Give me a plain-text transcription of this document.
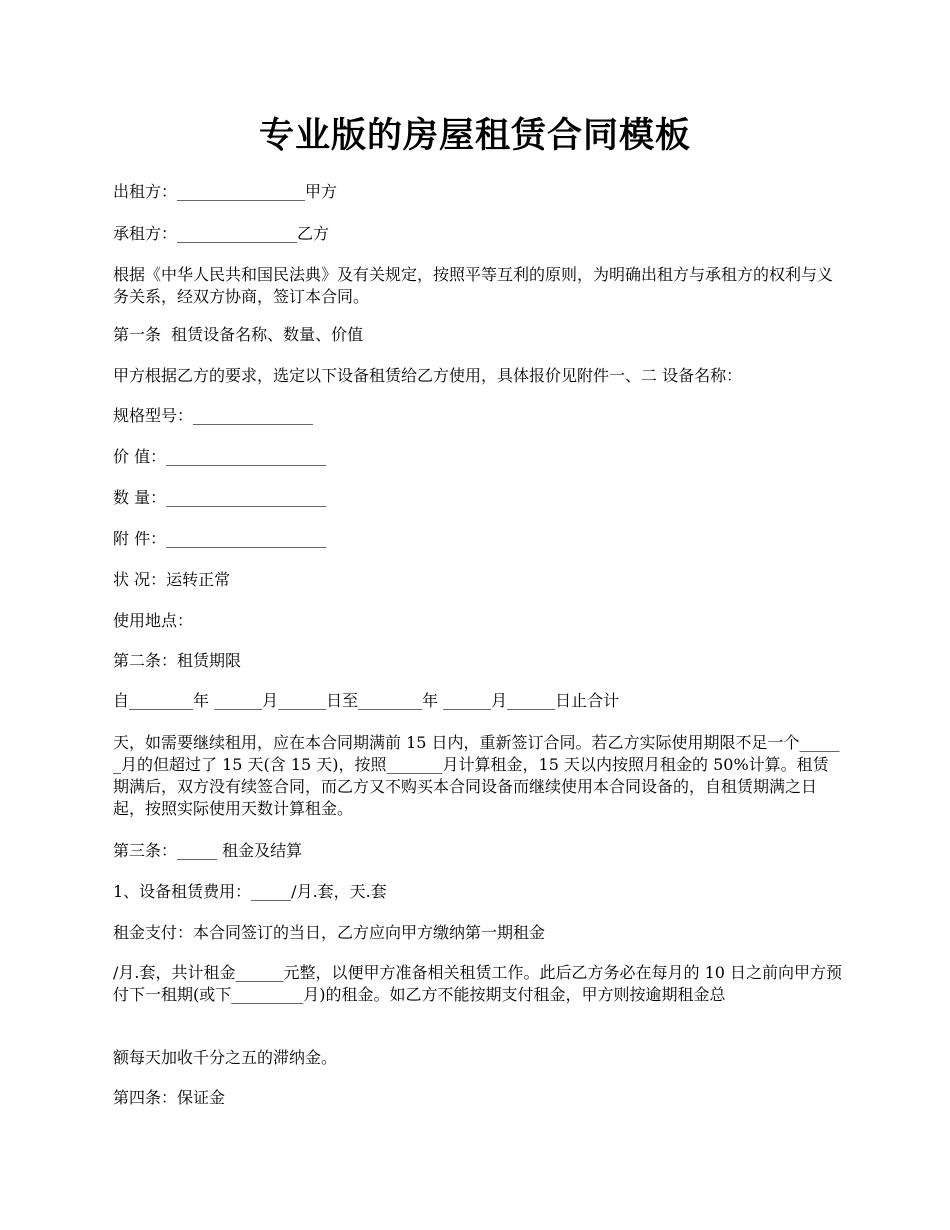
专业版的房屋租赁合同模板
出租方：________________甲方
承租方：_______________乙方
根据《中华人民共和国民法典》及有关规定，按照平等互利的原则，为明确出租方与承租方的权利与义务关系，经双方协商，签订本合同。
第一条  租赁设备名称、数量、价值
甲方根据乙方的要求，选定以下设备租赁给乙方使用，具体报价见附件一、二 设备名称：
规格型号：_______________
价 值：____________________
数 量：____________________
附 件：____________________
状 况：运转正常
使用地点：
第二条：租赁期限
自________年 ______月______日至________年 ______月______日止合计
天，如需要继续租用，应在本合同期满前 15 日内，重新签订合同。若乙方实际使用期限不足一个______月的但超过了 15 天(含 15 天)，按照_______月计算租金，15 天以内按照月租金的 50%计算。租赁期满后，双方没有续签合同，而乙方又不购买本合同设备而继续使用本合同设备的，自租赁期满之日起，按照实际使用天数计算租金。
第三条：_____ 租金及结算
1、设备租赁费用：_____/月.套，天.套
租金支付：本合同签订的当日，乙方应向甲方缴纳第一期租金
/月.套，共计租金______元整，以便甲方准备相关租赁工作。此后乙方务必在每月的 10 日之前向甲方预付下一租期(或下_________月)的租金。如乙方不能按期支付租金，甲方则按逾期租金总
额每天加收千分之五的滞纳金。
第四条：保证金
